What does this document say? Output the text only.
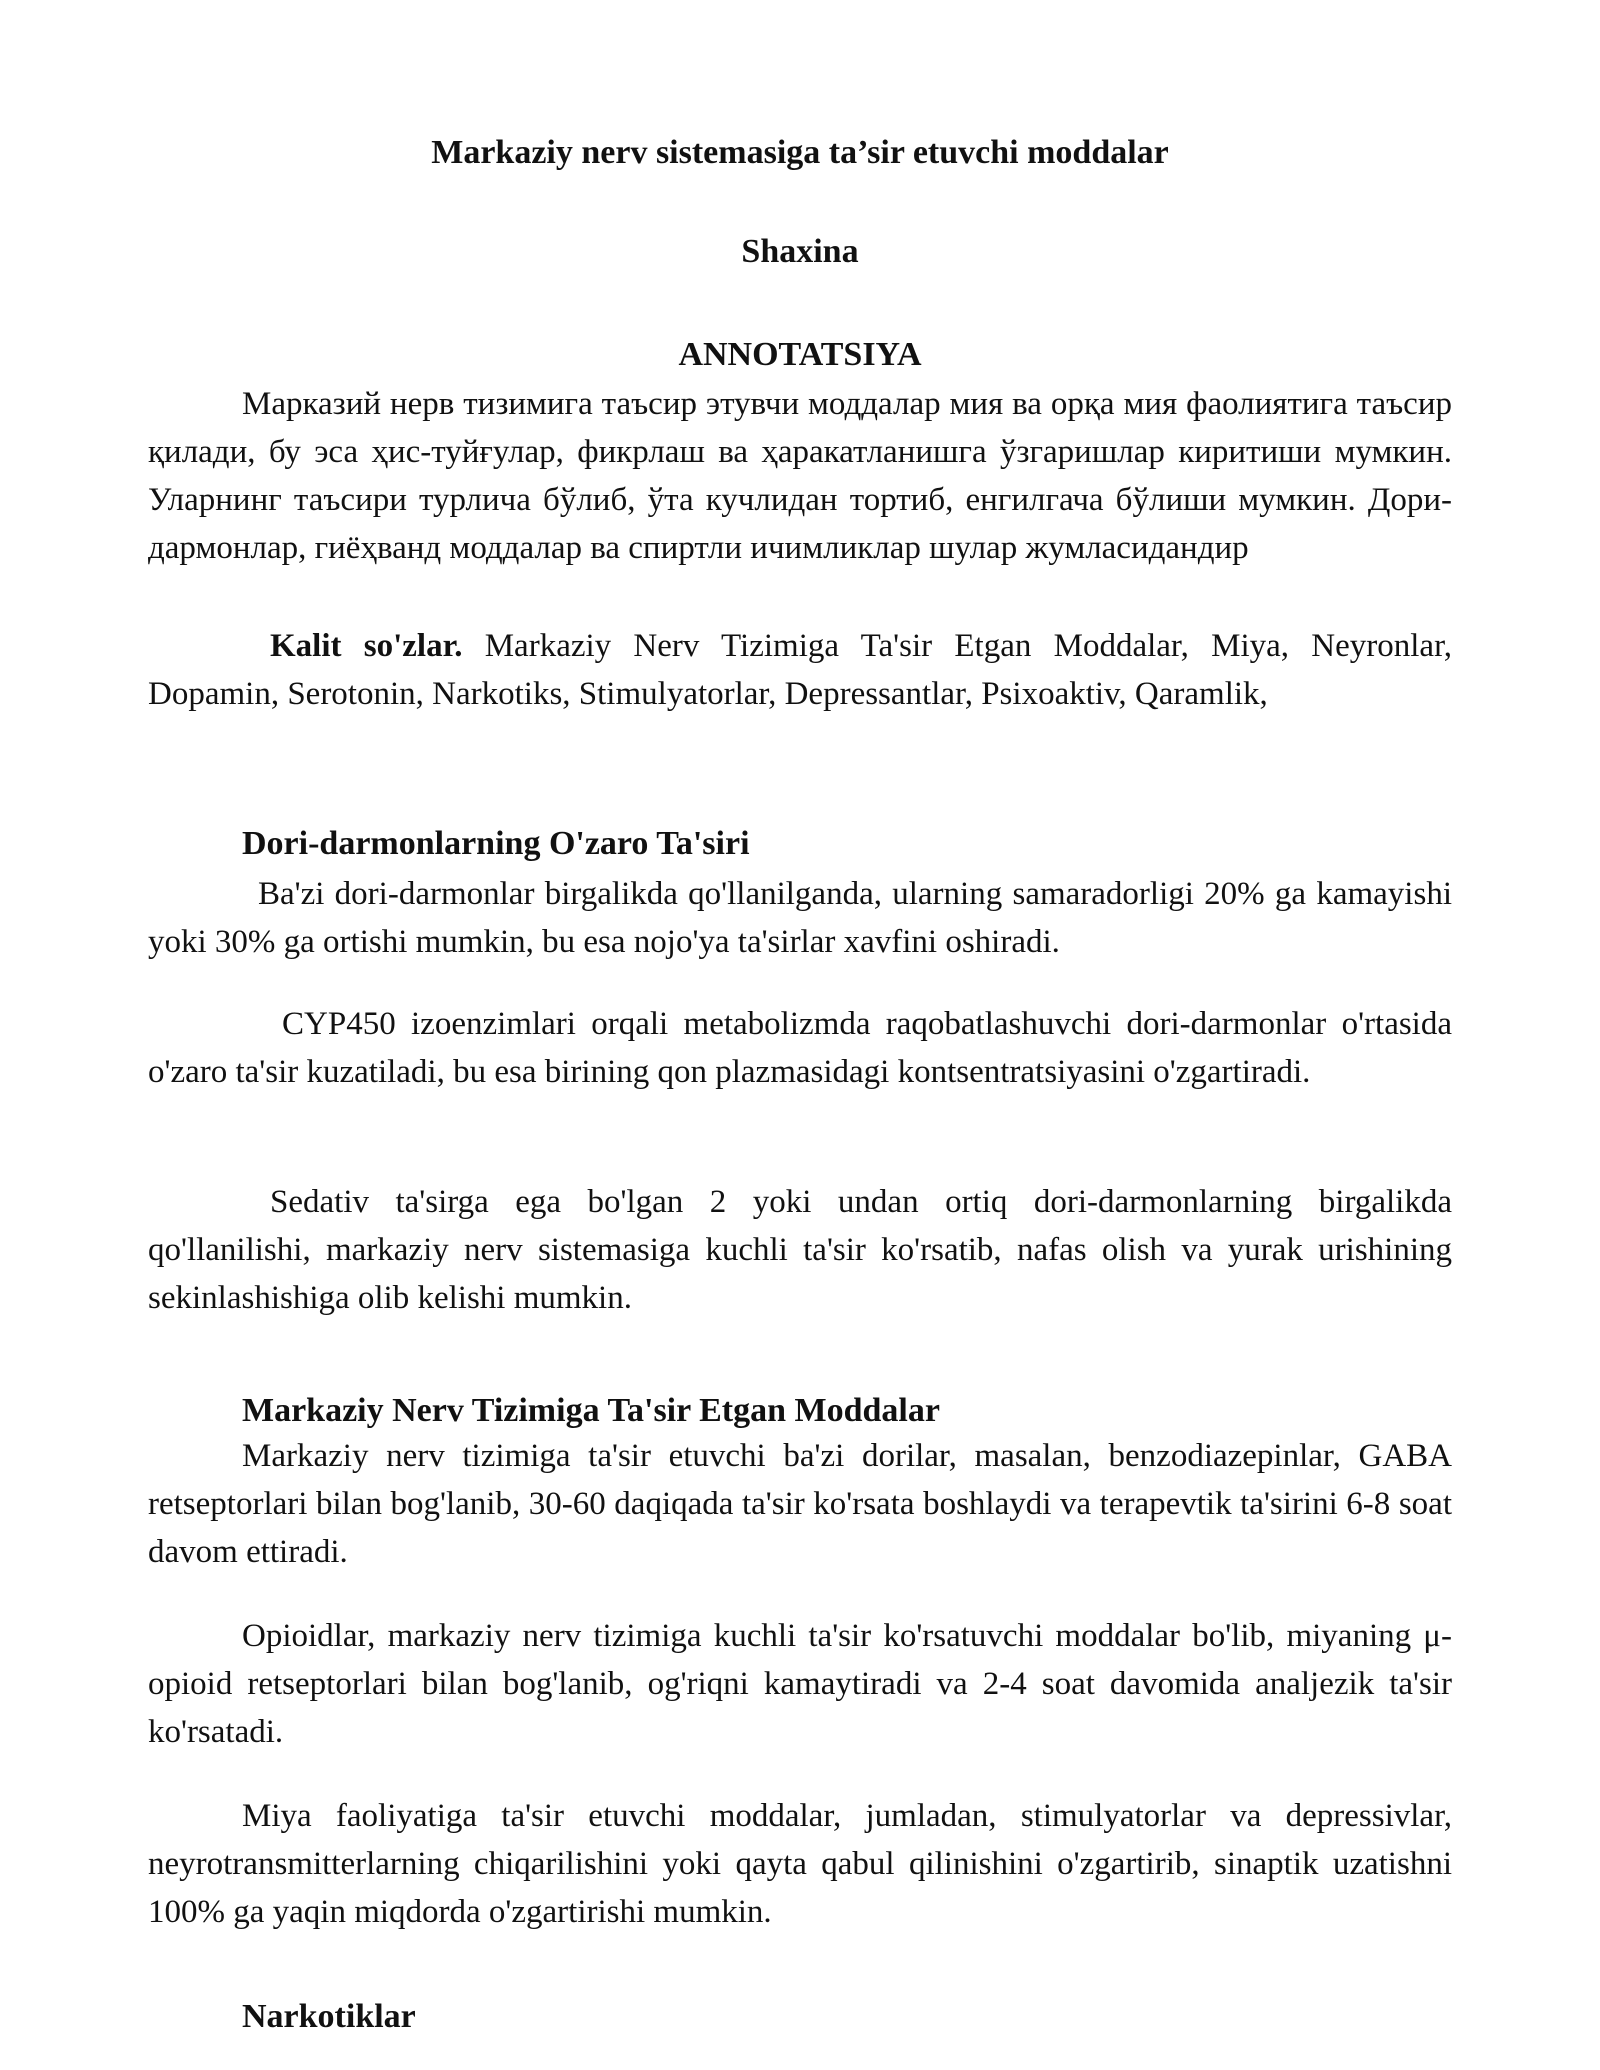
Markaziy nerv sistemasiga ta’sir etuvchi moddalar
Shaxina
ANNOTATSIYA

Марказий нерв тизимига таъсир этувчи моддалар мия ва орқа мия фаолиятига таъсир қилади, бу эса ҳис-туйғулар, фикрлаш ва ҳаракатланишга ўзгаришлар киритиши мумкин. Уларнинг таъсири турлича бўлиб, ўта кучлидан тортиб, енгилгача бўлиши мумкин. Дори-дармонлар, гиёҳванд моддалар ва спиртли ичимликлар шулар жумласидандир

Kalit so'zlar. Markaziy Nerv Tizimiga Ta'sir Etgan Moddalar, Miya, Neyronlar, Dopamin, Serotonin, Narkotiks, Stimulyatorlar, Depressantlar, Psixoaktiv, Qaramlik,

Dori-darmonlarning O'zaro Ta'siri

Ba'zi dori-darmonlar birgalikda qo'llanilganda, ularning samaradorligi 20% ga kamayishi yoki 30% ga ortishi mumkin, bu esa nojo'ya ta'sirlar xavfini oshiradi.

CYP450 izoenzimlari orqali metabolizmda raqobatlashuvchi dori-darmonlar o'rtasida o'zaro ta'sir kuzatiladi, bu esa birining qon plazmasidagi kontsentratsiyasini o'zgartiradi.

Sedativ ta'sirga ega bo'lgan 2 yoki undan ortiq dori-darmonlarning birgalikda qo'llanilishi, markaziy nerv sistemasiga kuchli ta'sir ko'rsatib, nafas olish va yurak urishining sekinlashishiga olib kelishi mumkin.

Markaziy Nerv Tizimiga Ta'sir Etgan Moddalar

Markaziy nerv tizimiga ta'sir etuvchi ba'zi dorilar, masalan, benzodiazepinlar, GABA retseptorlari bilan bog'lanib, 30-60 daqiqada ta'sir ko'rsata boshlaydi va terapevtik ta'sirini 6-8 soat davom ettiradi.

Opioidlar, markaziy nerv tizimiga kuchli ta'sir ko'rsatuvchi moddalar bo'lib, miyaning μ-opioid retseptorlari bilan bog'lanib, og'riqni kamaytiradi va 2-4 soat davomida analjezik ta'sir ko'rsatadi.

Miya faoliyatiga ta'sir etuvchi moddalar, jumladan, stimulyatorlar va depressivlar, neyrotransmitterlarning chiqarilishini yoki qayta qabul qilinishini o'zgartirib, sinaptik uzatishni 100% ga yaqin miqdorda o'zgartirishi mumkin.

Narkotiklar
